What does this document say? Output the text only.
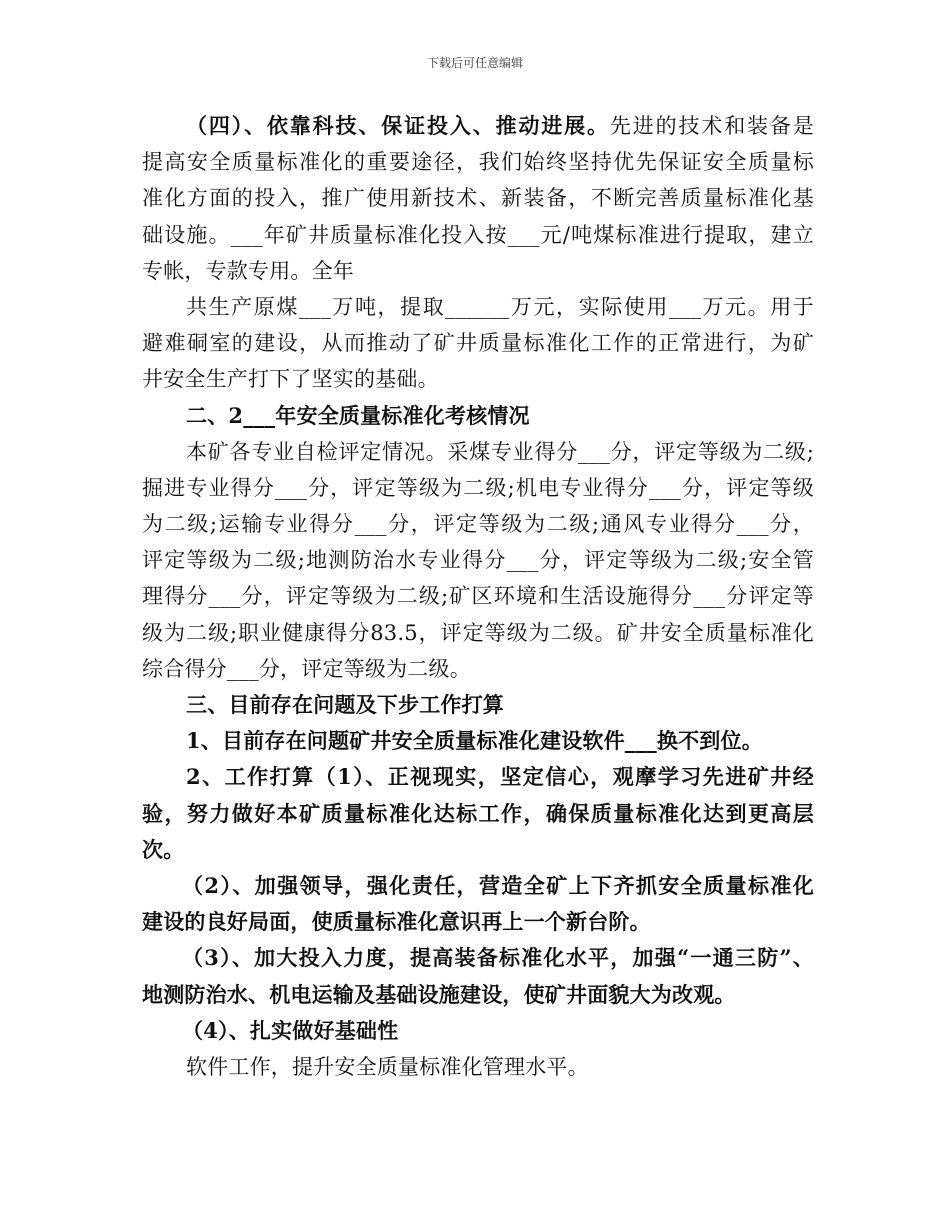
下载后可任意编辑
（四）、依靠科技、保证投入、推动进展。先进的技术和装备是
提高安全质量标准化的重要途径，我们始终坚持优先保证安全质量标
准化方面的投入，推广使用新技术、新装备，不断完善质量标准化基
础设施。___年矿井质量标准化投入按___元/吨煤标准进行提取，建立
专帐，专款专用。全年
共生产原煤___万吨，提取______万元，实际使用___万元。用于
避难硐室的建设，从而推动了矿井质量标准化工作的正常进行，为矿
井安全生产打下了坚实的基础。
二、2___年安全质量标准化考核情况
本矿各专业自检评定情况。采煤专业得分___分，评定等级为二级;
掘进专业得分___分，评定等级为二级;机电专业得分___分，评定等级
为二级;运输专业得分___分，评定等级为二级;通风专业得分___分，
评定等级为二级;地测防治水专业得分___分，评定等级为二级;安全管
理得分___分，评定等级为二级;矿区环境和生活设施得分___分评定等
级为二级;职业健康得分83.5，评定等级为二级。矿井安全质量标准化
综合得分___分，评定等级为二级。
三、目前存在问题及下步工作打算
1、目前存在问题矿井安全质量标准化建设软件___换不到位。
2、工作打算（1）、正视现实，坚定信心，观摩学习先进矿井经
验，努力做好本矿质量标准化达标工作，确保质量标准化达到更高层
次。
（2）、加强领导，强化责任，营造全矿上下齐抓安全质量标准化
建设的良好局面，使质量标准化意识再上一个新台阶。
（3）、加大投入力度，提高装备标准化水平，加强“一通三防”、
地测防治水、机电运输及基础设施建设，使矿井面貌大为改观。
（4）、扎实做好基础性
软件工作，提升安全质量标准化管理水平。
